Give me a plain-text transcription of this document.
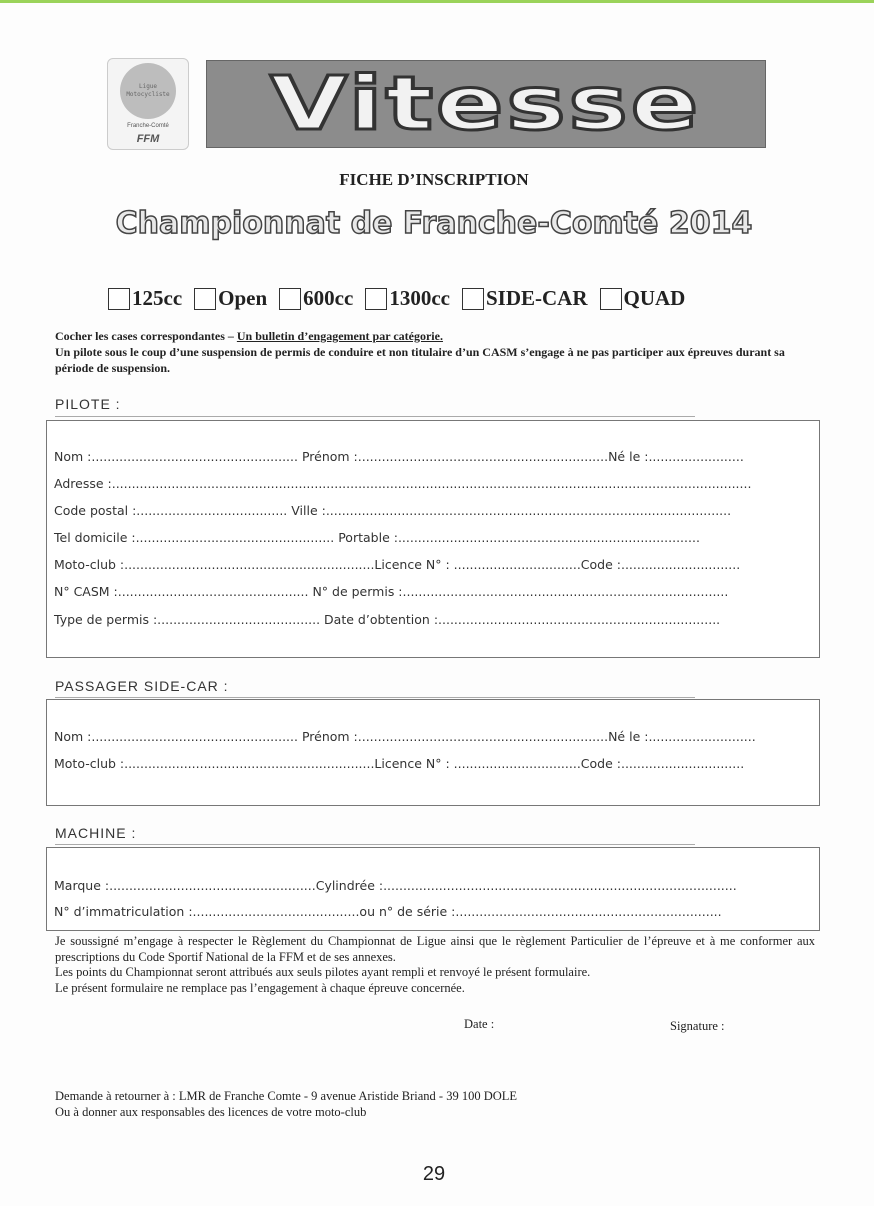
Ligue Motocycliste
Franche-Comté
FFM	Vitesse
FICHE D’INSCRIPTION
Championnat de Franche-Comté 2014
125cc Open 600cc 1300cc SIDE-CAR QUAD
Cocher les cases correspondantes – Un bulletin d’engagement par catégorie.
Un pilote sous le coup d’une suspension de permis de conduire et non titulaire d’un CASM s’engage à ne pas participer aux épreuves durant sa période de suspension.
PILOTE :
Nom :.................................................... Prénom :...............................................................Né le :........................
Adresse :.................................................................................................................................................................
Code postal :...................................... Ville :......................................................................................................
Tel domicile :.................................................. Portable :............................................................................
Moto-club :...............................................................Licence N° : ................................Code :..............................
N° CASM :................................................ N° de permis :..................................................................................
Type de permis :......................................... Date d’obtention :.......................................................................
PASSAGER SIDE-CAR :
Nom :.................................................... Prénom :...............................................................Né le :...........................
Moto-club :...............................................................Licence N° : ................................Code :...............................
MACHINE :
Marque :....................................................Cylindrée :.........................................................................................
N° d’immatriculation :..........................................ou n° de série :...................................................................

Je soussigné m’engage à respecter le Règlement du Championnat de Ligue ainsi que le règlement Particulier de l’épreuve et à me conformer aux prescriptions du Code Sportif National de la FFM et de ses annexes.

Les points du Championnat seront attribués aux seuls pilotes ayant rempli et renvoyé le présent formulaire.

Le présent formulaire ne remplace pas l’engagement à chaque épreuve concernée.

Date :	Signature :
Demande à retourner à : LMR de Franche Comte - 9 avenue Aristide Briand - 39 100 DOLE
Ou à donner aux responsables des licences de votre moto-club
29
